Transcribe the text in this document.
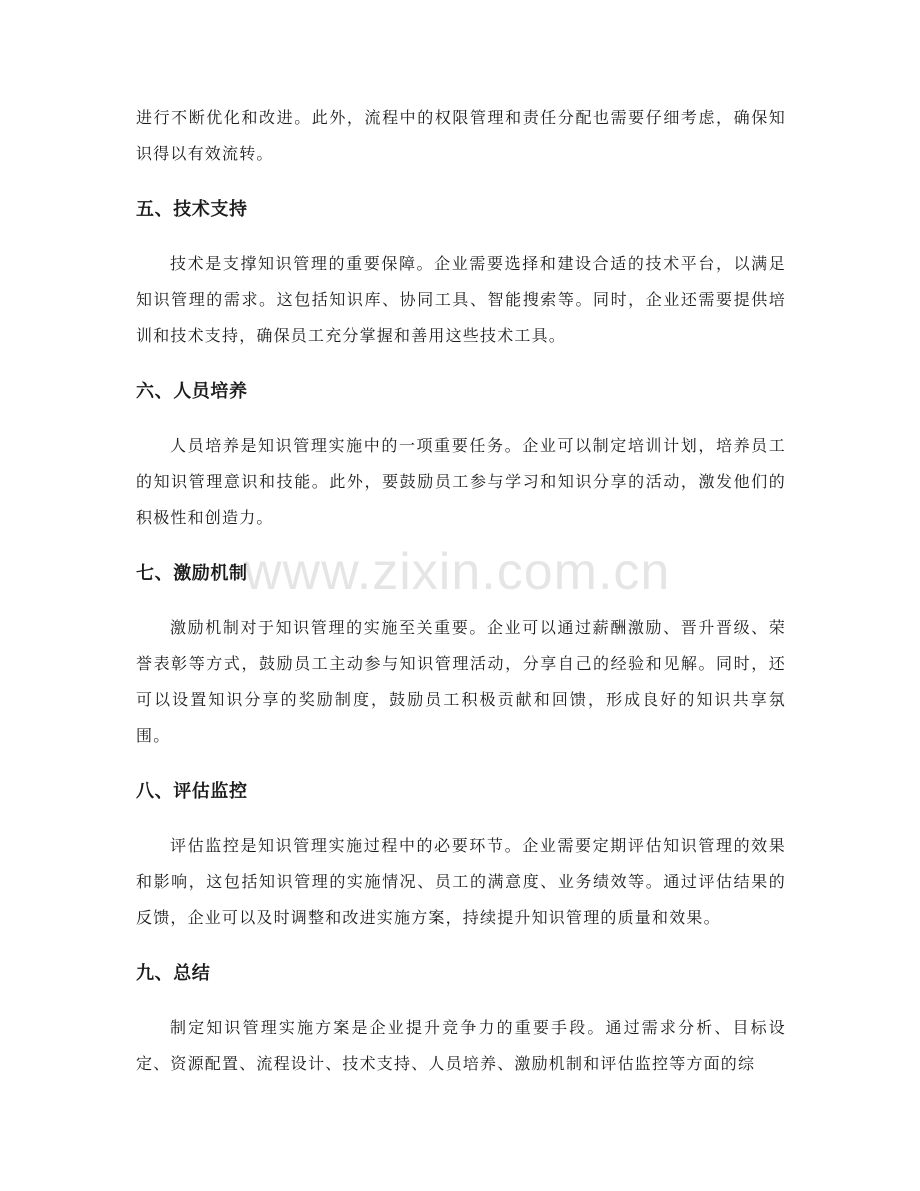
www.zixin.com.cn

进行不断优化和改进。此外，流程中的权限管理和责任分配也需要仔细考虑，确保知识得以有效流转。

五、技术支持

技术是支撑知识管理的重要保障。企业需要选择和建设合适的技术平台，以满足知识管理的需求。这包括知识库、协同工具、智能搜索等。同时，企业还需要提供培训和技术支持，确保员工充分掌握和善用这些技术工具。

六、人员培养

人员培养是知识管理实施中的一项重要任务。企业可以制定培训计划，培养员工的知识管理意识和技能。此外，要鼓励员工参与学习和知识分享的活动，激发他们的积极性和创造力。

七、激励机制

激励机制对于知识管理的实施至关重要。企业可以通过薪酬激励、晋升晋级、荣誉表彰等方式，鼓励员工主动参与知识管理活动，分享自己的经验和见解。同时，还可以设置知识分享的奖励制度，鼓励员工积极贡献和回馈，形成良好的知识共享氛围。

八、评估监控

评估监控是知识管理实施过程中的必要环节。企业需要定期评估知识管理的效果和影响，这包括知识管理的实施情况、员工的满意度、业务绩效等。通过评估结果的反馈，企业可以及时调整和改进实施方案，持续提升知识管理的质量和效果。

九、总结

制定知识管理实施方案是企业提升竞争力的重要手段。通过需求分析、目标设定、资源配置、流程设计、技术支持、人员培养、激励机制和评估监控等方面的综
